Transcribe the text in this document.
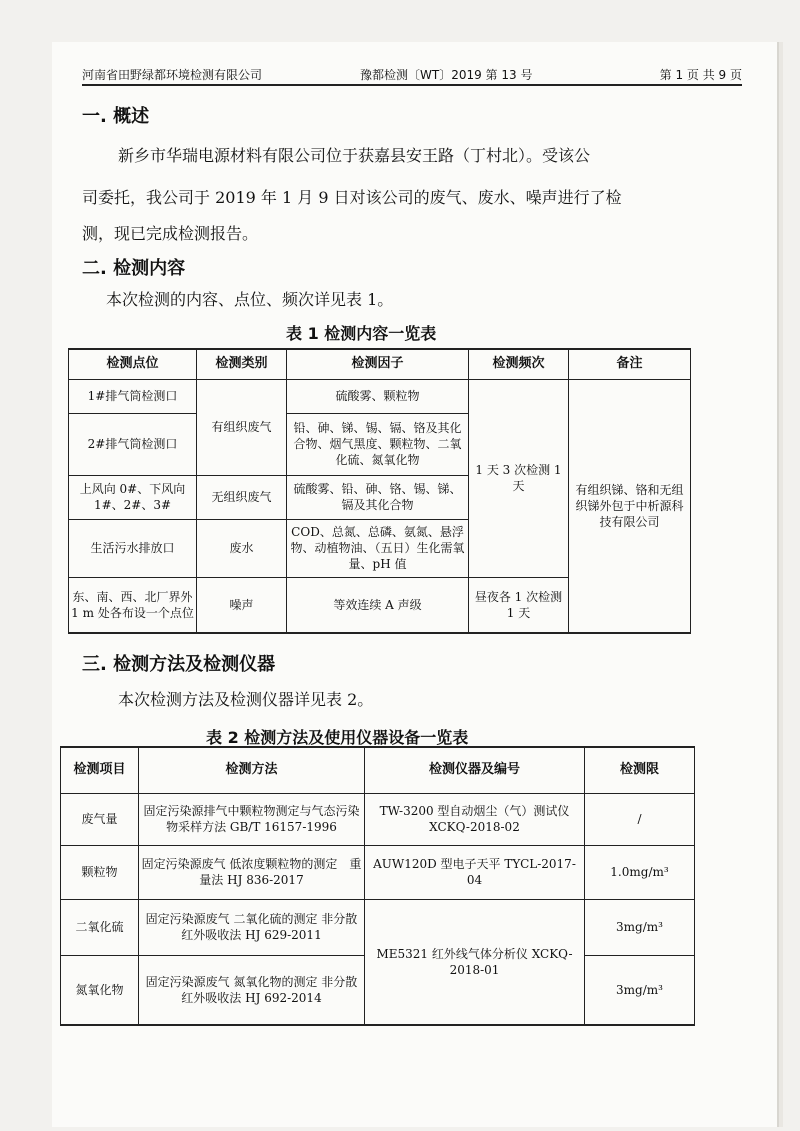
河南省田野绿都环境检测有限公司	豫都检测〔WT〕2019 第 13 号	第 1 页 共 9 页
一. 概述
新乡市华瑞电源材料有限公司位于获嘉县安王路（丁村北）。受该公
司委托，我公司于 2019 年 1 月 9 日对该公司的废气、废水、噪声进行了检
测，现已完成检测报告。
二. 检测内容
本次检测的内容、点位、频次详见表 1。
表 1 检测内容一览表
检测点位	检测类别	检测因子	检测频次	备注
1#排气筒检测口	有组织废气	硫酸雾、颗粒物	1 天 3 次检测 1 天	有组织锑、铬和无组织锑外包于中析源科技有限公司
2#排气筒检测口		铅、砷、锑、锡、镉、铬及其化合物、烟气黑度、颗粒物、二氧化硫、氮氧化物		
上风向 0#、下风向 1#、2#、3#	无组织废气	硫酸雾、铅、砷、铬、锡、锑、镉及其化合物		
生活污水排放口	废水	COD、总氮、总磷、氨氮、悬浮物、动植物油、（五日）生化需氧量、pH 值		
东、南、西、北厂界外 1 m 处各布设一个点位	噪声	等效连续 A 声级	昼夜各 1 次检测 1 天	
三. 检测方法及检测仪器
本次检测方法及检测仪器详见表 2。
表 2 检测方法及使用仪器设备一览表
检测项目	检测方法	检测仪器及编号	检测限
废气量	固定污染源排气中颗粒物测定与气态污染物采样方法 GB/T 16157-1996	TW-3200 型自动烟尘（气）测试仪 XCKQ-2018-02	/
颗粒物	固定污染源废气 低浓度颗粒物的测定　重量法 HJ 836-2017	AUW120D 型电子天平 TYCL-2017-04	1.0mg/m³
二氧化硫	固定污染源废气 二氧化硫的测定 非分散红外吸收法 HJ 629-2011	ME5321 红外线气体分析仪 XCKQ-2018-01	3mg/m³
氮氧化物	固定污染源废气 氮氧化物的测定 非分散红外吸收法 HJ 692-2014		3mg/m³
